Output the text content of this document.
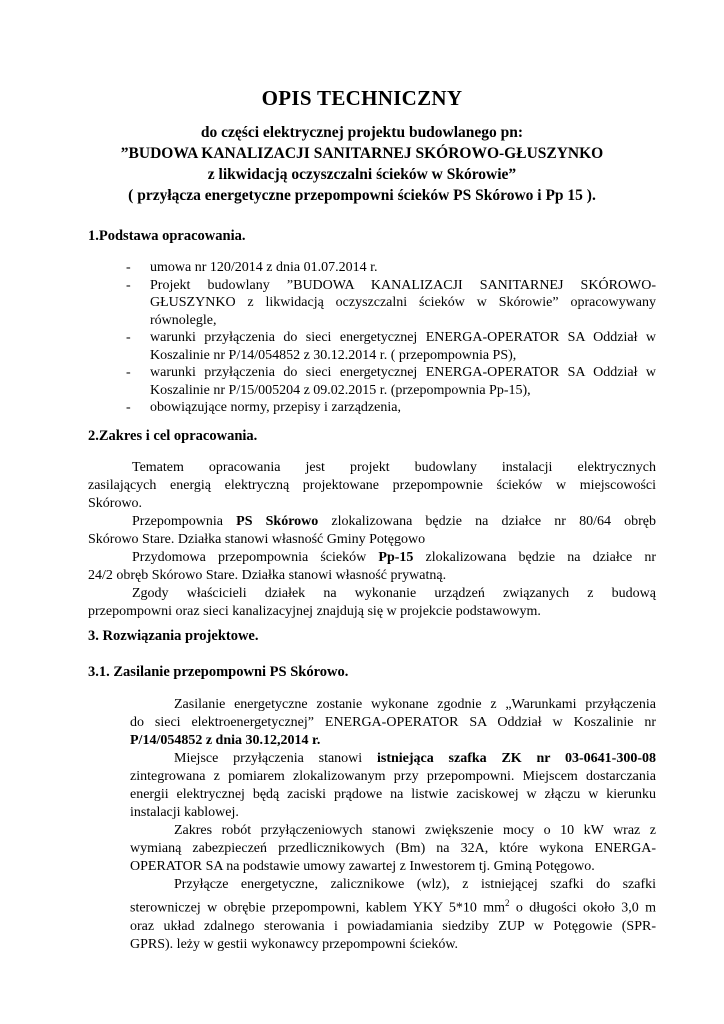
OPIS TECHNICZNY
do części elektrycznej projektu budowlanego pn:
”BUDOWA KANALIZACJI SANITARNEJ SKÓROWO-GŁUSZYNKO
z likwidacją oczyszczalni ścieków w Skórowie”
( przyłącza energetyczne przepompowni ścieków PS Skórowo i Pp 15 ).
1.Podstawa opracowania.
- umowa nr 120/2014 z dnia 01.07.2014 r.
- Projekt budowlany ”BUDOWA KANALIZACJI SANITARNEJ SKÓROWO-GŁUSZYNKO z likwidacją oczyszczalni ścieków w Skórowie” opracowywany równolegle,
- warunki przyłączenia do sieci energetycznej ENERGA-OPERATOR SA Oddział w Koszalinie nr P/14/054852 z 30.12.2014 r. ( przepompownia PS),
- warunki przyłączenia do sieci energetycznej ENERGA-OPERATOR SA Oddział w Koszalinie nr P/15/005204 z 09.02.2015 r. (przepompownia Pp-15),
- obowiązujące normy, przepisy i zarządzenia,
2.Zakres i cel opracowania.

Tematem opracowania jest projekt budowlany instalacji elektrycznych

zasilających energią elektryczną projektowane przepompownie ścieków w miejscowości

Skórowo.

Przepompownia PS Skórowo zlokalizowana będzie na działce nr 80/64 obręb

Skórowo Stare. Działka stanowi własność Gminy Potęgowo

Przydomowa przepompownia ścieków Pp-15 zlokalizowana będzie na działce nr

24/2 obręb Skórowo Stare. Działka stanowi własność prywatną.

Zgody właścicieli działek na wykonanie urządzeń związanych z budową

przepompowni oraz sieci kanalizacyjnej znajdują się w projekcie podstawowym.

3. Rozwiązania projektowe.
3.1. Zasilanie przepompowni PS Skórowo.

Zasilanie energetyczne zostanie wykonane zgodnie z „Warunkami przyłączenia

do sieci elektroenergetycznej” ENERGA-OPERATOR SA Oddział w Koszalinie nr

P/14/054852 z dnia 30.12,2014 r.

Miejsce przyłączenia stanowi istniejąca szafka ZK nr 03-0641-300-08

zintegrowana z pomiarem zlokalizowanym przy przepompowni. Miejscem dostarczania

energii elektrycznej będą zaciski prądowe na listwie zaciskowej w złączu w kierunku

instalacji kablowej.

Zakres robót przyłączeniowych stanowi zwiększenie mocy o 10 kW wraz z

wymianą zabezpieczeń przedlicznikowych (Bm) na 32A, które wykona ENERGA-

OPERATOR SA na podstawie umowy zawartej z Inwestorem tj. Gminą Potęgowo.

Przyłącze energetyczne, zalicznikowe (wlz), z istniejącej szafki do szafki

sterowniczej w obrębie przepompowni, kablem YKY 5*10 $mm^2$ o długości około 3,0 m

oraz układ zdalnego sterowania i powiadamiania siedziby ZUP w Potęgowie (SPR-

GPRS). leży w gestii wykonawcy przepompowni ścieków.
